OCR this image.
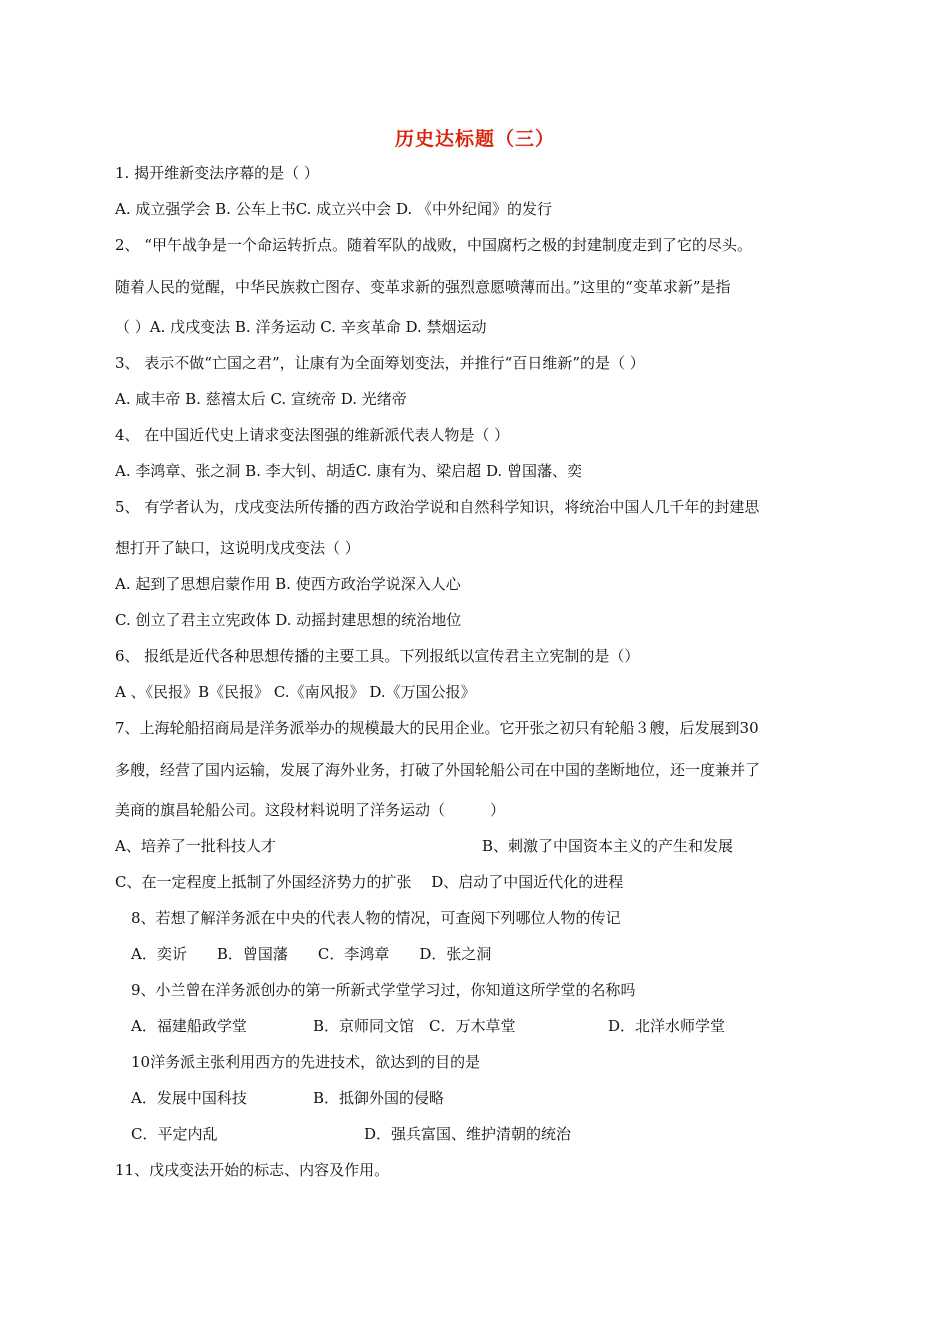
历史达标题（三）
1. 揭开维新变法序幕的是（ ）
A. 成立强学会 B. 公车上书C. 成立兴中会 D. 《中外纪闻》的发行
2、 “甲午战争是一个命运转折点。随着军队的战败，中国腐朽之极的封建制度走到了它的尽头。
随着人民的觉醒，中华民族救亡图存、变革求新的强烈意愿喷薄而出。”这里的“变革求新”是指
（ ）A. 戊戌变法 B. 洋务运动 C. 辛亥革命 D. 禁烟运动
3、 表示不做“亡国之君”，让康有为全面筹划变法，并推行“百日维新”的是（ ）
A. 咸丰帝 B. 慈禧太后 C. 宣统帝 D. 光绪帝
4、 在中国近代史上请求变法图强的维新派代表人物是（ ）
A. 李鸿章、张之洞 B. 李大钊、胡适C. 康有为、梁启超 D. 曾国藩、奕
5、 有学者认为，戊戌变法所传播的西方政治学说和自然科学知识，将统治中国人几千年的封建思
想打开了缺口，这说明戊戌变法（ ）
A. 起到了思想启蒙作用 B. 使西方政治学说深入人心
C. 创立了君主立宪政体 D. 动摇封建思想的统治地位
6、 报纸是近代各种思想传播的主要工具。下列报纸以宣传君主立宪制的是（）
A 、《民报》B《民报》 C.《南风报》 D.《万国公报》
7、上海轮船招商局是洋务派举办的规模最大的民用企业。它开张之初只有轮船３艘，后发展到30
多艘，经营了国内运输，发展了海外业务，打破了外国轮船公司在中国的垄断地位，还一度兼并了
美商的旗昌轮船公司。这段材料说明了洋务运动（　　　）
A、培养了一批科技人才	B、刺激了中国资本主义的产生和发展
C、在一定程度上抵制了外国经济势力的扩张　 D、启动了中国近代化的进程
8、若想了解洋务派在中央的代表人物的情况，可查阅下列哪位人物的传记
A．奕䜣　　B．曾国藩　　C．李鸿章　　D．张之洞
9、小兰曾在洋务派创办的第一所新式学堂学习过，你知道这所学堂的名称吗
A．福建船政学堂	B．京师同文馆　C．万木草堂	D．北洋水师学堂
10洋务派主张利用西方的先进技术，欲达到的目的是
A．发展中国科技	B．抵御外国的侵略
C．平定内乱	D．强兵富国、维护清朝的统治
11、戊戌变法开始的标志、内容及作用。
